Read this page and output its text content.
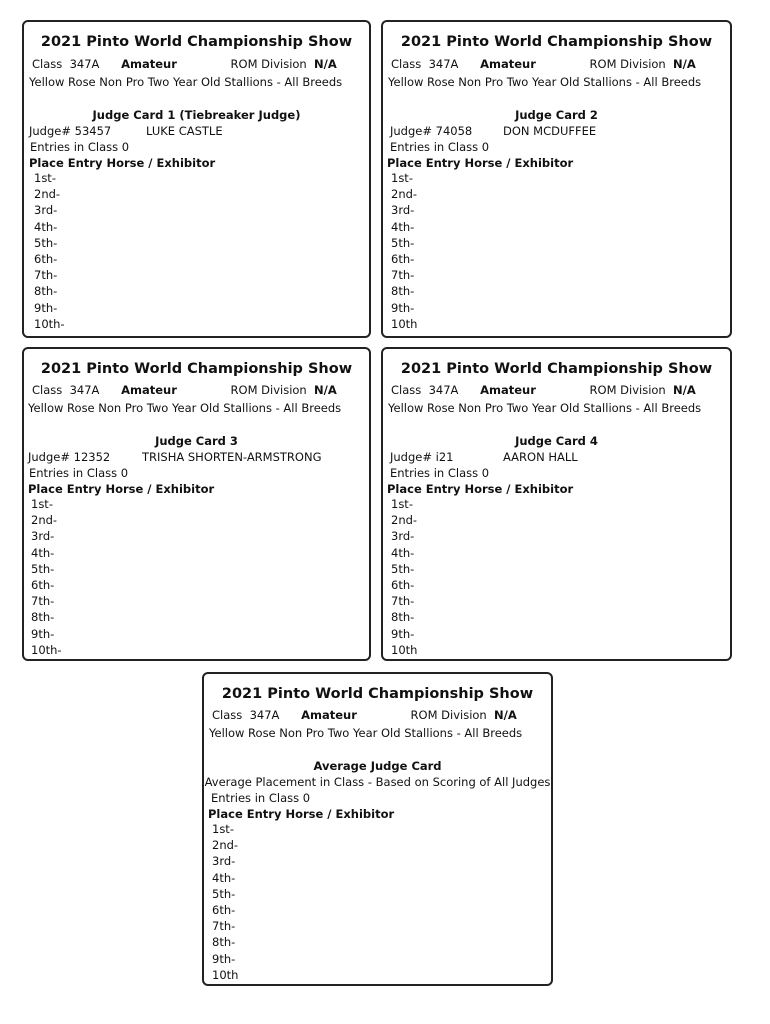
2021 Pinto World Championship Show
Class 347A Amateur	ROM Division N/A
Yellow Rose Non Pro Two Year Old Stallions - All Breeds
Judge Card 1 (Tiebreaker Judge)
Judge# 53457	LUKE CASTLE
Entries in Class 0
Place Entry Horse / Exhibitor
1st-
2nd-
3rd-
4th-
5th-
6th-
7th-
8th-
9th-
10th-
2021 Pinto World Championship Show
Class 347A Amateur	ROM Division N/A
Yellow Rose Non Pro Two Year Old Stallions - All Breeds
Judge Card 2
Judge# 74058	DON MCDUFFEE
Entries in Class 0
Place Entry Horse / Exhibitor
1st-
2nd-
3rd-
4th-
5th-
6th-
7th-
8th-
9th-
10th
2021 Pinto World Championship Show
Class 347A Amateur	ROM Division N/A
Yellow Rose Non Pro Two Year Old Stallions - All Breeds
Judge Card 3
Judge# 12352	TRISHA SHORTEN-ARMSTRONG
Entries in Class 0
Place Entry Horse / Exhibitor
1st-
2nd-
3rd-
4th-
5th-
6th-
7th-
8th-
9th-
10th-
2021 Pinto World Championship Show
Class 347A Amateur	ROM Division N/A
Yellow Rose Non Pro Two Year Old Stallions - All Breeds
Judge Card 4
Judge# i21	AARON HALL
Entries in Class 0
Place Entry Horse / Exhibitor
1st-
2nd-
3rd-
4th-
5th-
6th-
7th-
8th-
9th-
10th
2021 Pinto World Championship Show
Class 347A Amateur	ROM Division N/A
Yellow Rose Non Pro Two Year Old Stallions - All Breeds
Average Judge Card
Average Placement in Class - Based on Scoring of All Judges
Entries in Class 0
Place Entry Horse / Exhibitor
1st-
2nd-
3rd-
4th-
5th-
6th-
7th-
8th-
9th-
10th
